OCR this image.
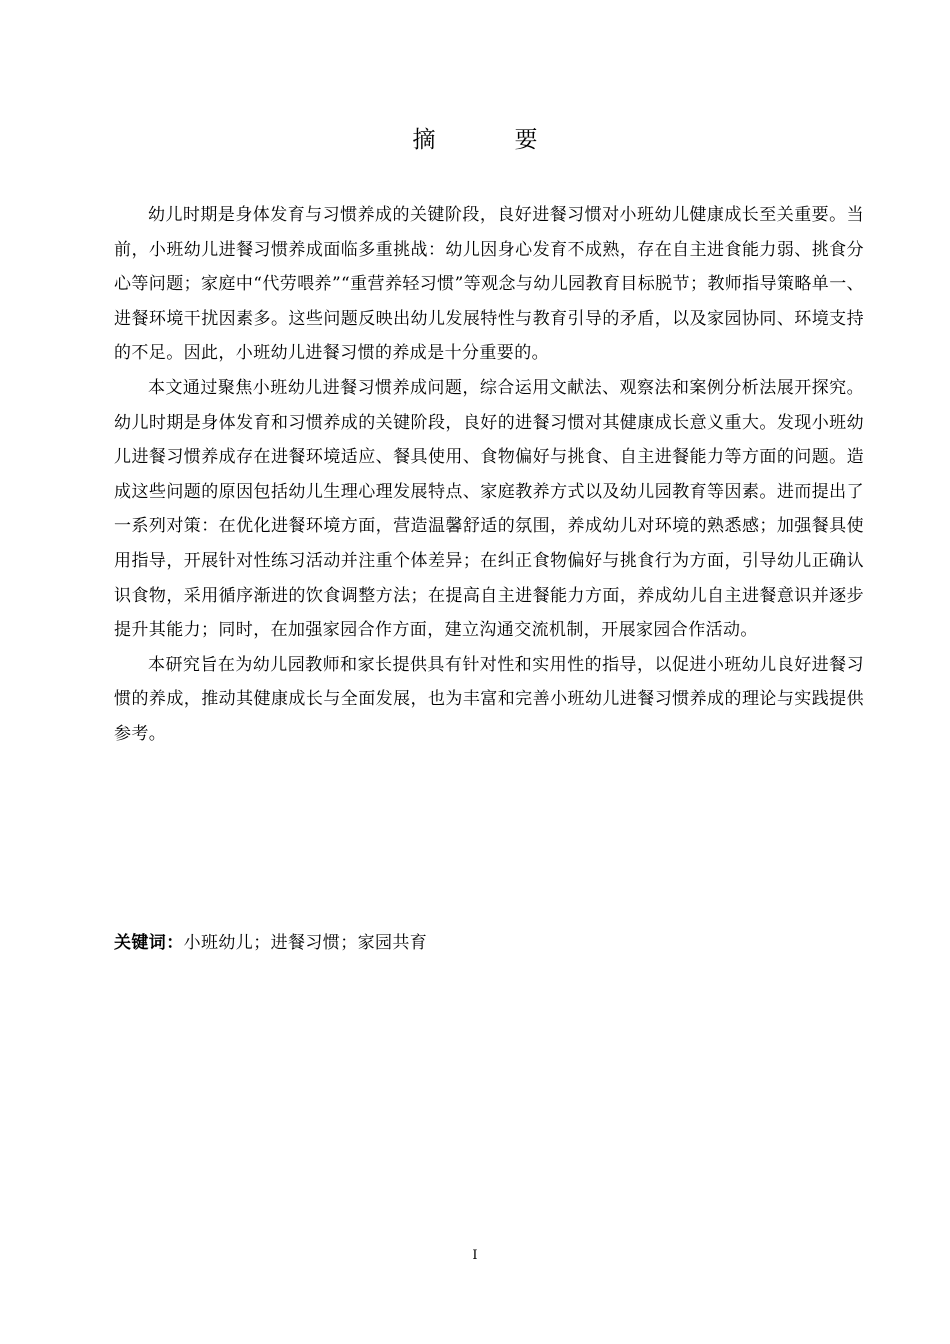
摘　要

幼儿时期是身体发育与习惯养成的关键阶段，良好进餐习惯对小班幼儿健康成长至关重要。当前，小班幼儿进餐习惯养成面临多重挑战：幼儿因身心发育不成熟，存在自主进食能力弱、挑食分心等问题；家庭中“代劳喂养”“重营养轻习惯”等观念与幼儿园教育目标脱节；教师指导策略单一、进餐环境干扰因素多。这些问题反映出幼儿发展特性与教育引导的矛盾，以及家园协同、环境支持的不足。因此，小班幼儿进餐习惯的养成是十分重要的。

本文通过聚焦小班幼儿进餐习惯养成问题，综合运用文献法、观察法和案例分析法展开探究。幼儿时期是身体发育和习惯养成的关键阶段，良好的进餐习惯对其健康成长意义重大。发现小班幼儿进餐习惯养成存在进餐环境适应、餐具使用、食物偏好与挑食、自主进餐能力等方面的问题。造成这些问题的原因包括幼儿生理心理发展特点、家庭教养方式以及幼儿园教育等因素。进而提出了一系列对策：在优化进餐环境方面，营造温馨舒适的氛围，养成幼儿对环境的熟悉感；加强餐具使用指导，开展针对性练习活动并注重个体差异；在纠正食物偏好与挑食行为方面，引导幼儿正确认识食物，采用循序渐进的饮食调整方法；在提高自主进餐能力方面，养成幼儿自主进餐意识并逐步提升其能力；同时，在加强家园合作方面，建立沟通交流机制，开展家园合作活动。

本研究旨在为幼儿园教师和家长提供具有针对性和实用性的指导，以促进小班幼儿良好进餐习惯的养成，推动其健康成长与全面发展，也为丰富和完善小班幼儿进餐习惯养成的理论与实践提供参考。

关键词：小班幼儿；进餐习惯；家园共育
I
